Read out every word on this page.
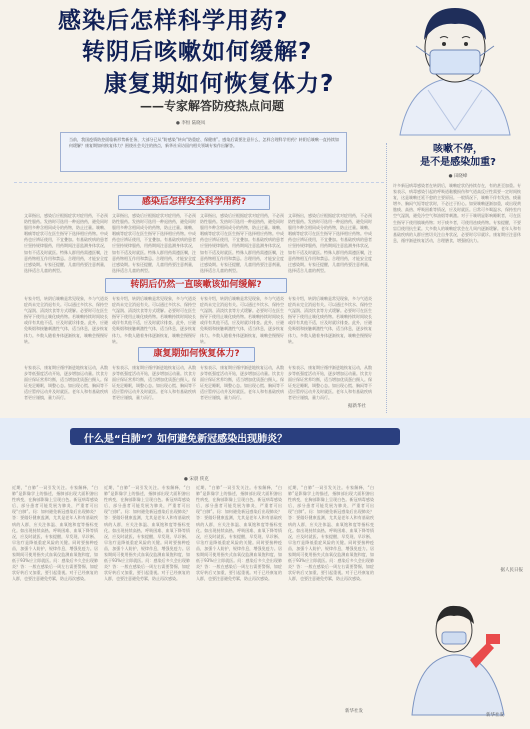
感染后怎样科学用药?
转阴后咳嗽如何缓解?
康复期如何恢复体力?
——专家解答防疫热点问题
● 李恒 陆晓凤
当前，我国疫情防控面临新形势新任务，大部分已从“防感染”转向“防重症、保健康”。感染后需要注意什么，怎样合理科学用药？转阴后咳嗽一直持续如何缓解？康复期如何恢复体力？围绕社会关注的热点，新华社采访国内相关领域专家作出解答。	咳嗽不停，
是不是感染加重?
● 田晓峰
许多新冠病毒感染者在转阴后，咳嗽症状仍持续存在，有的甚至加重。专家表示，病毒感染引起的呼吸道黏膜损伤和气道高反应性需要一定时间恢复，这是咳嗽迁延不愈的主要原因。一般情况下，咳嗽不伴有发热、痰量增多、胸闷气短等症状时，不必过于担心。如果咳嗽逐渐加重，或出现黄脓痰、高热、呼吸困难等情况，应及时就医。日常可多喝温水，保持室内空气湿润，避免冷空气和油烟等刺激。对于干咳明显影响睡眠者，可在医生指导下使用镇咳药物；对于痰多者，可使用祛痰药物。专家提醒，不要盲目使用抗生素。大多数人的咳嗽症状会在几周内逐渐缓解。老年人和有基础疾病的人群应密切关注自身状况，必要时尽早就诊。康复期应注意休息，循序渐进恢复活动，合理膳食，增强抵抗力。
据人民日报
感染后怎样安全科学用药?
文章指出，感染后应根据症状对症用药，不必预防性服药。发热时可选用一种退热药，避免同时服用多种含相同成分的药物，防止过量。咳嗽、咽痛等症状可在医生指导下选择相应药物。中成药也应辨证使用，不宜叠加。有基础疾病的患者应坚持规律服药，用药期间注意监测身体状况，如有不适及时就医。特殊人群用药需遵医嘱，注意药物相互作用和禁忌。合理用药，才能安全度过感染期。专家还提醒，儿童用药要注意剂量，选择适合儿童的剂型。
文章指出，感染后应根据症状对症用药，不必预防性服药。发热时可选用一种退热药，避免同时服用多种含相同成分的药物，防止过量。咳嗽、咽痛等症状可在医生指导下选择相应药物。中成药也应辨证使用，不宜叠加。有基础疾病的患者应坚持规律服药，用药期间注意监测身体状况，如有不适及时就医。特殊人群用药需遵医嘱，注意药物相互作用和禁忌。合理用药，才能安全度过感染期。专家还提醒，儿童用药要注意剂量，选择适合儿童的剂型。
文章指出，感染后应根据症状对症用药，不必预防性服药。发热时可选用一种退热药，避免同时服用多种含相同成分的药物，防止过量。咳嗽、咽痛等症状可在医生指导下选择相应药物。中成药也应辨证使用，不宜叠加。有基础疾病的患者应坚持规律服药，用药期间注意监测身体状况，如有不适及时就医。特殊人群用药需遵医嘱，注意药物相互作用和禁忌。合理用药，才能安全度过感染期。专家还提醒，儿童用药要注意剂量，选择适合儿童的剂型。
文章指出，感染后应根据症状对症用药，不必预防性服药。发热时可选用一种退热药，避免同时服用多种含相同成分的药物，防止过量。咳嗽、咽痛等症状可在医生指导下选择相应药物。中成药也应辨证使用，不宜叠加。有基础疾病的患者应坚持规律服药，用药期间注意监测身体状况，如有不适及时就医。特殊人群用药需遵医嘱，注意药物相互作用和禁忌。合理用药，才能安全度过感染期。专家还提醒，儿童用药要注意剂量，选择适合儿童的剂型。
转阴后仍然一直咳嗽该如何缓解?
专家介绍，转阴后咳嗽是常见现象，多与气道炎症尚未完全消退有关。可以通过多饮水、保持空气湿润、清淡饮食等方式缓解。必要时可在医生指导下使用止咳化痰药物。若咳嗽持续时间较长或伴有其他不适，应及时就诊排查。此外，应避免吸烟和接触刺激性气体，适当休息，逐步恢复体力。多数人随着身体逐渐恢复，咳嗽会慢慢好转。
专家介绍，转阴后咳嗽是常见现象，多与气道炎症尚未完全消退有关。可以通过多饮水、保持空气湿润、清淡饮食等方式缓解。必要时可在医生指导下使用止咳化痰药物。若咳嗽持续时间较长或伴有其他不适，应及时就诊排查。此外，应避免吸烟和接触刺激性气体，适当休息，逐步恢复体力。多数人随着身体逐渐恢复，咳嗽会慢慢好转。
专家介绍，转阴后咳嗽是常见现象，多与气道炎症尚未完全消退有关。可以通过多饮水、保持空气湿润、清淡饮食等方式缓解。必要时可在医生指导下使用止咳化痰药物。若咳嗽持续时间较长或伴有其他不适，应及时就诊排查。此外，应避免吸烟和接触刺激性气体，适当休息，逐步恢复体力。多数人随着身体逐渐恢复，咳嗽会慢慢好转。
专家介绍，转阴后咳嗽是常见现象，多与气道炎症尚未完全消退有关。可以通过多饮水、保持空气湿润、清淡饮食等方式缓解。必要时可在医生指导下使用止咳化痰药物。若咳嗽持续时间较长或伴有其他不适，应及时就诊排查。此外，应避免吸烟和接触刺激性气体，适当休息，逐步恢复体力。多数人随着身体逐渐恢复，咳嗽会慢慢好转。
康复期如何恢复体力?
专家表示，康复期应循序渐进地恢复运动，从散步等低强度活动开始，逐步增加运动量。饮食方面应保证营养均衡，适当增加优质蛋白摄入。保证充足睡眠，调整心态。如出现心慌、胸闷等不适应暂停运动并及时就医。老年人和有基础疾病者更应谨慎，量力而行。
专家表示，康复期应循序渐进地恢复运动，从散步等低强度活动开始，逐步增加运动量。饮食方面应保证营养均衡，适当增加优质蛋白摄入。保证充足睡眠，调整心态。如出现心慌、胸闷等不适应暂停运动并及时就医。老年人和有基础疾病者更应谨慎，量力而行。
专家表示，康复期应循序渐进地恢复运动，从散步等低强度活动开始，逐步增加运动量。饮食方面应保证营养均衡，适当增加优质蛋白摄入。保证充足睡眠，调整心态。如出现心慌、胸闷等不适应暂停运动并及时就医。老年人和有基础疾病者更应谨慎，量力而行。
专家表示，康复期应循序渐进地恢复运动，从散步等低强度活动开始，逐步增加运动量。饮食方面应保证营养均衡，适当增加优质蛋白摄入。保证充足睡眠，调整心态。如出现心慌、胸闷等不适应暂停运动并及时就医。老年人和有基础疾病者更应谨慎，量力而行。
据新华社
什么是“白肺”？如何避免新冠感染出现肺炎？
● 宋晨 侠克
近期，“白肺”一词引发关注。专家解释，“白肺”是影像学上的描述，指肺部出现大面积渗出性病变，在胸部影像上呈现白色。新冠病毒感染后，部分患者可能发展为肺炎，严重者可出现“白肺”。问：如何避免新冠感染后出现肺炎？答：要做好健康监测，尤其是老年人和有基础疾病的人群，应关注体温、血氧饱和度等指标变化。如出现持续高热、呼吸困难、血氧下降等情况，应及时就医。专家提醒，早发现、早诊断、早治疗是降低重症风险的关键。同时要接种疫苗，加强个人防护，规律作息，增强免疫力。居家期间可使用指夹式血氧仪监测血氧饱和度，如低于93%应立即就医。问：感染后多久会出现肺炎？答：一般在感染后一周左右需要警惕，如症状好转后又加重，要引起重视。对于已经康复的人群，也要注意避免劳累，防止再次感染。
近期，“白肺”一词引发关注。专家解释，“白肺”是影像学上的描述，指肺部出现大面积渗出性病变，在胸部影像上呈现白色。新冠病毒感染后，部分患者可能发展为肺炎，严重者可出现“白肺”。问：如何避免新冠感染后出现肺炎？答：要做好健康监测，尤其是老年人和有基础疾病的人群，应关注体温、血氧饱和度等指标变化。如出现持续高热、呼吸困难、血氧下降等情况，应及时就医。专家提醒，早发现、早诊断、早治疗是降低重症风险的关键。同时要接种疫苗，加强个人防护，规律作息，增强免疫力。居家期间可使用指夹式血氧仪监测血氧饱和度，如低于93%应立即就医。问：感染后多久会出现肺炎？答：一般在感染后一周左右需要警惕，如症状好转后又加重，要引起重视。对于已经康复的人群，也要注意避免劳累，防止再次感染。
近期，“白肺”一词引发关注。专家解释，“白肺”是影像学上的描述，指肺部出现大面积渗出性病变，在胸部影像上呈现白色。新冠病毒感染后，部分患者可能发展为肺炎，严重者可出现“白肺”。问：如何避免新冠感染后出现肺炎？答：要做好健康监测，尤其是老年人和有基础疾病的人群，应关注体温、血氧饱和度等指标变化。如出现持续高热、呼吸困难、血氧下降等情况，应及时就医。专家提醒，早发现、早诊断、早治疗是降低重症风险的关键。同时要接种疫苗，加强个人防护，规律作息，增强免疫力。居家期间可使用指夹式血氧仪监测血氧饱和度，如低于93%应立即就医。问：感染后多久会出现肺炎？答：一般在感染后一周左右需要警惕，如症状好转后又加重，要引起重视。对于已经康复的人群，也要注意避免劳累，防止再次感染。
近期，“白肺”一词引发关注。专家解释，“白肺”是影像学上的描述，指肺部出现大面积渗出性病变，在胸部影像上呈现白色。新冠病毒感染后，部分患者可能发展为肺炎，严重者可出现“白肺”。问：如何避免新冠感染后出现肺炎？答：要做好健康监测，尤其是老年人和有基础疾病的人群，应关注体温、血氧饱和度等指标变化。如出现持续高热、呼吸困难、血氧下降等情况，应及时就医。专家提醒，早发现、早诊断、早治疗是降低重症风险的关键。同时要接种疫苗，加强个人防护，规律作息，增强免疫力。居家期间可使用指夹式血氧仪监测血氧饱和度，如低于93%应立即就医。问：感染后多久会出现肺炎？答：一般在感染后一周左右需要警惕，如症状好转后又加重，要引起重视。对于已经康复的人群，也要注意避免劳累，防止再次感染。
新华社发
新华社发
